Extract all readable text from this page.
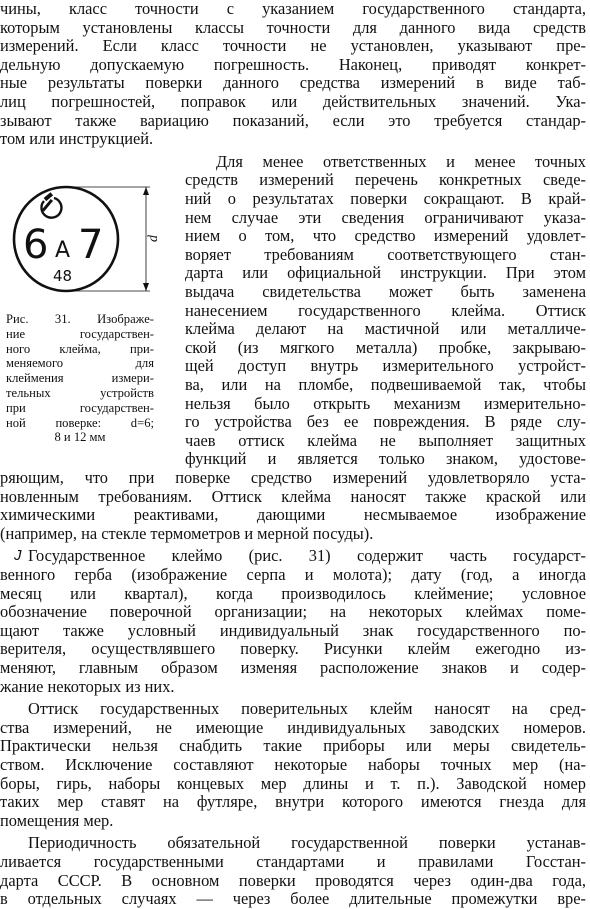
6 А 7
48
d
Рис. 31. Изображе-
ние государствен-
ного клейма, при-
меняемого для
клеймения измери-
тельных устройств
при государствен-
ной поверке: d=6;
8 и 12 мм
чины, класс точности с указанием государственного стандарта,
которым установлены классы точности для данного вида средств
измерений. Если класс точности не установлен, указывают пре-
дельную допускаемую погрешность. Наконец, приводят конкрет-
ные результаты поверки данного средства измерений в виде таб-
лиц погрешностей, поправок или действительных значений. Ука-
зывают также вариацию показаний, если это требуется стандар-
том или инструкцией.
Для менее ответственных и менее точных
средств измерений перечень конкретных сведе-
ний о результатах поверки сокращают. В край-
нем случае эти сведения ограничивают указа-
нием о том, что средство измерений удовлет-
воряет требованиям соответствующего стан-
дарта или официальной инструкции. При этом
выдача свидетельства может быть заменена
нанесением государственного клейма. Оттиск
клейма делают на мастичной или металличе-
ской (из мягкого металла) пробке, закрываю-
щей доступ внутрь измерительного устройст-
ва, или на пломбе, подвешиваемой так, чтобы
нельзя было открыть механизм измерительно-
го устройства без ее повреждения. В ряде слу-
чаев оттиск клейма не выполняет защитных
функций и является только знаком, удостове-
ряющим, что при поверке средство измерений удовлетворяло уста-
новленным требованиям. Оттиск клейма наносят также краской или
химическими реактивами, дающими несмываемое изображение
(например, на стекле термометров и мерной посуды).
J Государственное клеймо (рис. 31) содержит часть государст-
венного герба (изображение серпа и молота); дату (год, а иногда
месяц или квартал), когда производилось клеймение; условное
обозначение поверочной организации; на некоторых клеймах поме-
щают также условный индивидуальный знак государственного по-
верителя, осуществлявшего поверку. Рисунки клейм ежегодно из-
меняют, главным образом изменяя расположение знаков и содер-
жание некоторых из них.
Оттиск государственных поверительных клейм наносят на сред-
ства измерений, не имеющие индивидуальных заводских номеров.
Практически нельзя снабдить такие приборы или меры свидетель-
ством. Исключение составляют некоторые наборы точных мер (на-
боры, гирь, наборы концевых мер длины и т. п.). Заводской номер
таких мер ставят на футляре, внутри которого имеются гнезда для
помещения мер.
Периодичность обязательной государственной поверки устанав-
ливается государственными стандартами и правилами Госстан-
дарта СССР. В основном поверки проводятся через один-два года,
в отдельных случаях — через более длительные промежутки вре-
